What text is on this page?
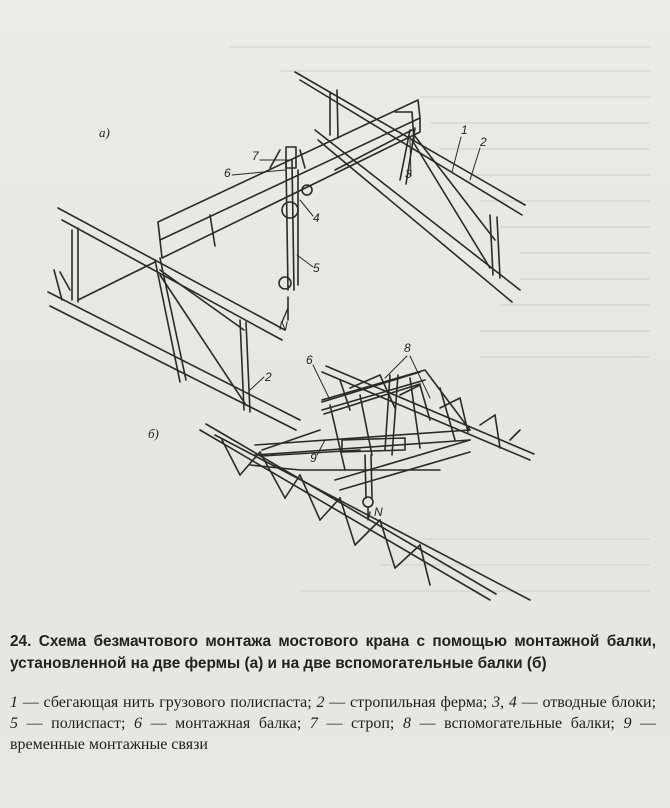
а)
б)
1
2
3
4
5
6
7
2
6
8
9
N
N
24. Схема безмачтового монтажа мостового крана с помощью монтажной балки, установленной на две фермы (а) и на две вспомогательные балки (б)
1 — сбегающая нить грузового полиспаста; 2 — стропильная ферма; 3, 4 — отводные блоки; 5 — полиспаст; 6 — монтажная балка; 7 — строп; 8 — вспомогательные балки; 9 — временные монтажные связи
